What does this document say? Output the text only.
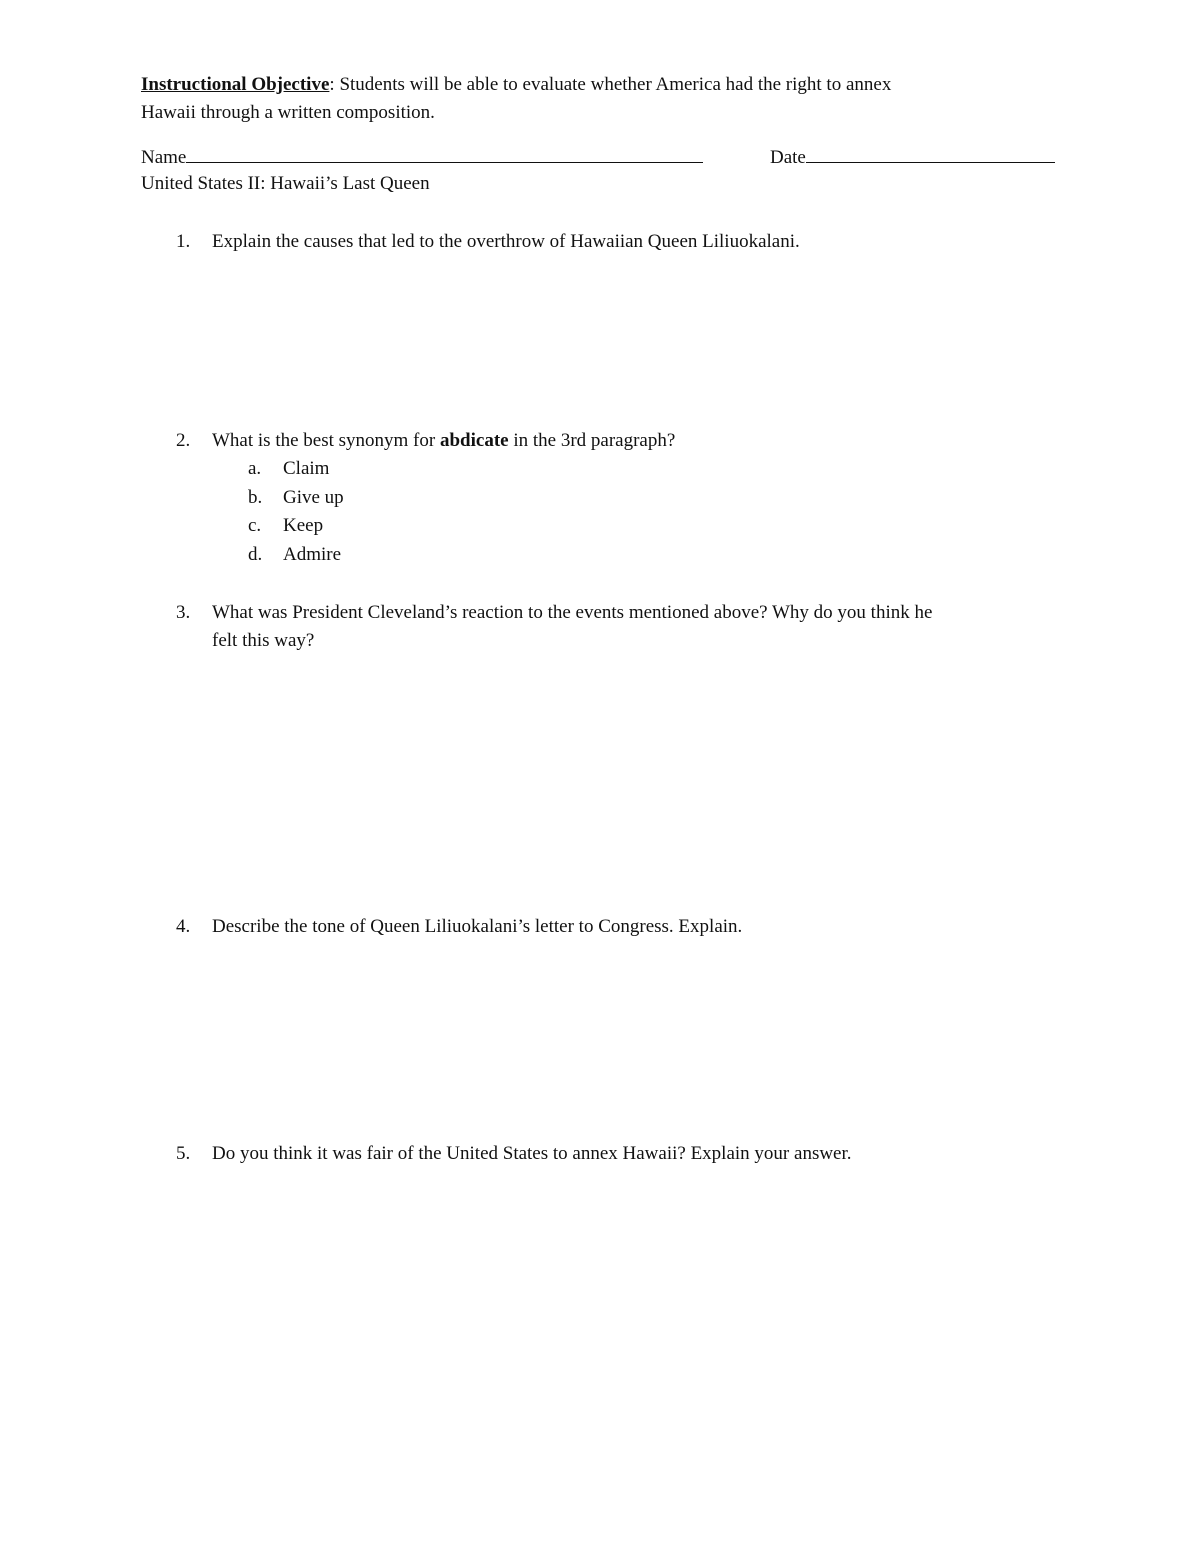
Instructional Objective: Students will be able to evaluate whether America had the right to annex
Hawaii through a written composition.
Name	Date
United States II: Hawaii’s Last Queen
1. Explain the causes that led to the overthrow of Hawaiian Queen Liliuokalani.
2. What is the best synonym for abdicate in the 3rd paragraph?
a. Claim
b. Give up
c. Keep
d. Admire
3. What was President Cleveland’s reaction to the events mentioned above? Why do you think he
felt this way?
4. Describe the tone of Queen Liliuokalani’s letter to Congress. Explain.
5. Do you think it was fair of the United States to annex Hawaii? Explain your answer.
